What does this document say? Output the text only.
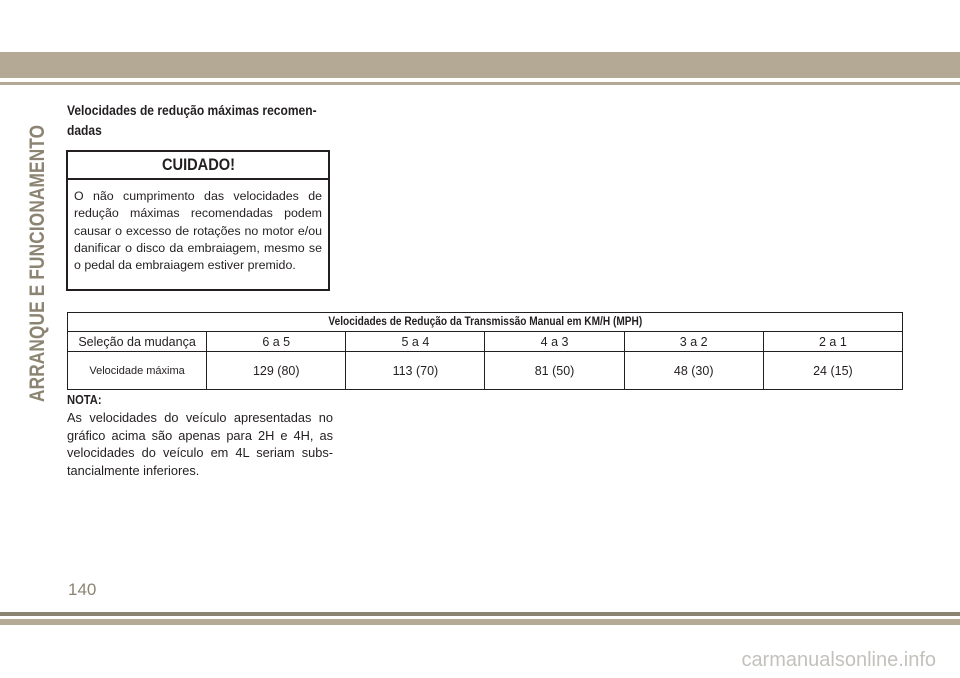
ARRANQUE E FUNCIONAMENTO
Velocidades de redução máximas recomen-
dadas
CUIDADO!
O não cumprimento das velocidades de redução máximas recomendadas podem causar o excesso de rotações no motor e/ou danificar o disco da embraiagem, mesmo se o pedal da embraiagem estiver premido.
Velocidades de Redução da Transmissão Manual em KM/H (MPH)					
Seleção da mudança	6 a 5	5 a 4	4 a 3	3 a 2	2 a 1
Velocidade máxima	129 (80)	113 (70)	81 (50)	48 (30)	24 (15)
NOTA:
As velocidades do veículo apresentadas no gráfico acima são apenas para 2H e 4H, as velocidades do veículo em 4L seriam subs-tancialmente inferiores.
140
carmanualsonline.info
